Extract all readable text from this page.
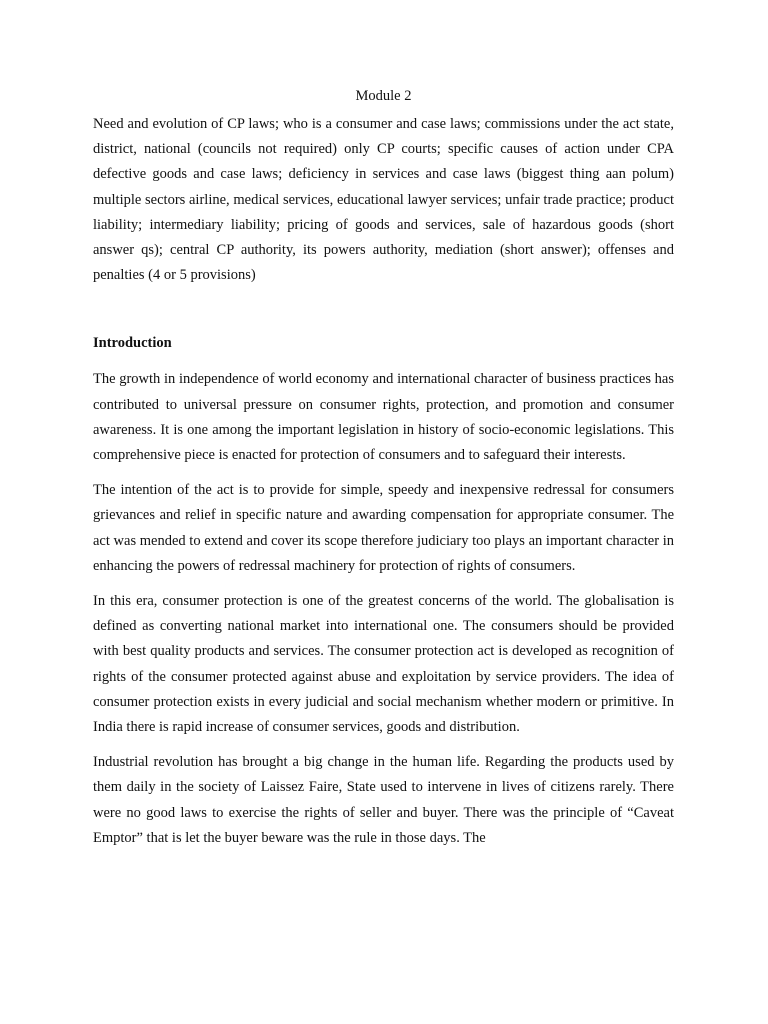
Module 2

Need and evolution of CP laws; who is a consumer and case laws; commissions under the act state, district, national (councils not required) only CP courts; specific causes of action under CPA defective goods and case laws; deficiency in services and case laws (biggest thing aan polum) multiple sectors airline, medical services, educational lawyer services; unfair trade practice; product liability; intermediary liability; pricing of goods and services, sale of hazardous goods (short answer qs); central CP authority, its powers authority, mediation (short answer); offenses and penalties (4 or 5 provisions)

Introduction

The growth in independence of world economy and international character of business practices has contributed to universal pressure on consumer rights, protection, and promotion and consumer awareness. It is one among the important legislation in history of socio-economic legislations. This comprehensive piece is enacted for protection of consumers and to safeguard their interests.

The intention of the act is to provide for simple, speedy and inexpensive redressal for consumers grievances and relief in specific nature and awarding compensation for appropriate consumer. The act was mended to extend and cover its scope therefore judiciary too plays an important character in enhancing the powers of redressal machinery for protection of rights of consumers.

In this era, consumer protection is one of the greatest concerns of the world. The globalisation is defined as converting national market into international one. The consumers should be provided with best quality products and services. The consumer protection act is developed as recognition of rights of the consumer protected against abuse and exploitation by service providers. The idea of consumer protection exists in every judicial and social mechanism whether modern or primitive. In India there is rapid increase of consumer services, goods and distribution.

Industrial revolution has brought a big change in the human life. Regarding the products used by them daily in the society of Laissez Faire, State used to intervene in lives of citizens rarely. There were no good laws to exercise the rights of seller and buyer. There was the principle of “Caveat Emptor” that is let the buyer beware was the rule in those days. The
